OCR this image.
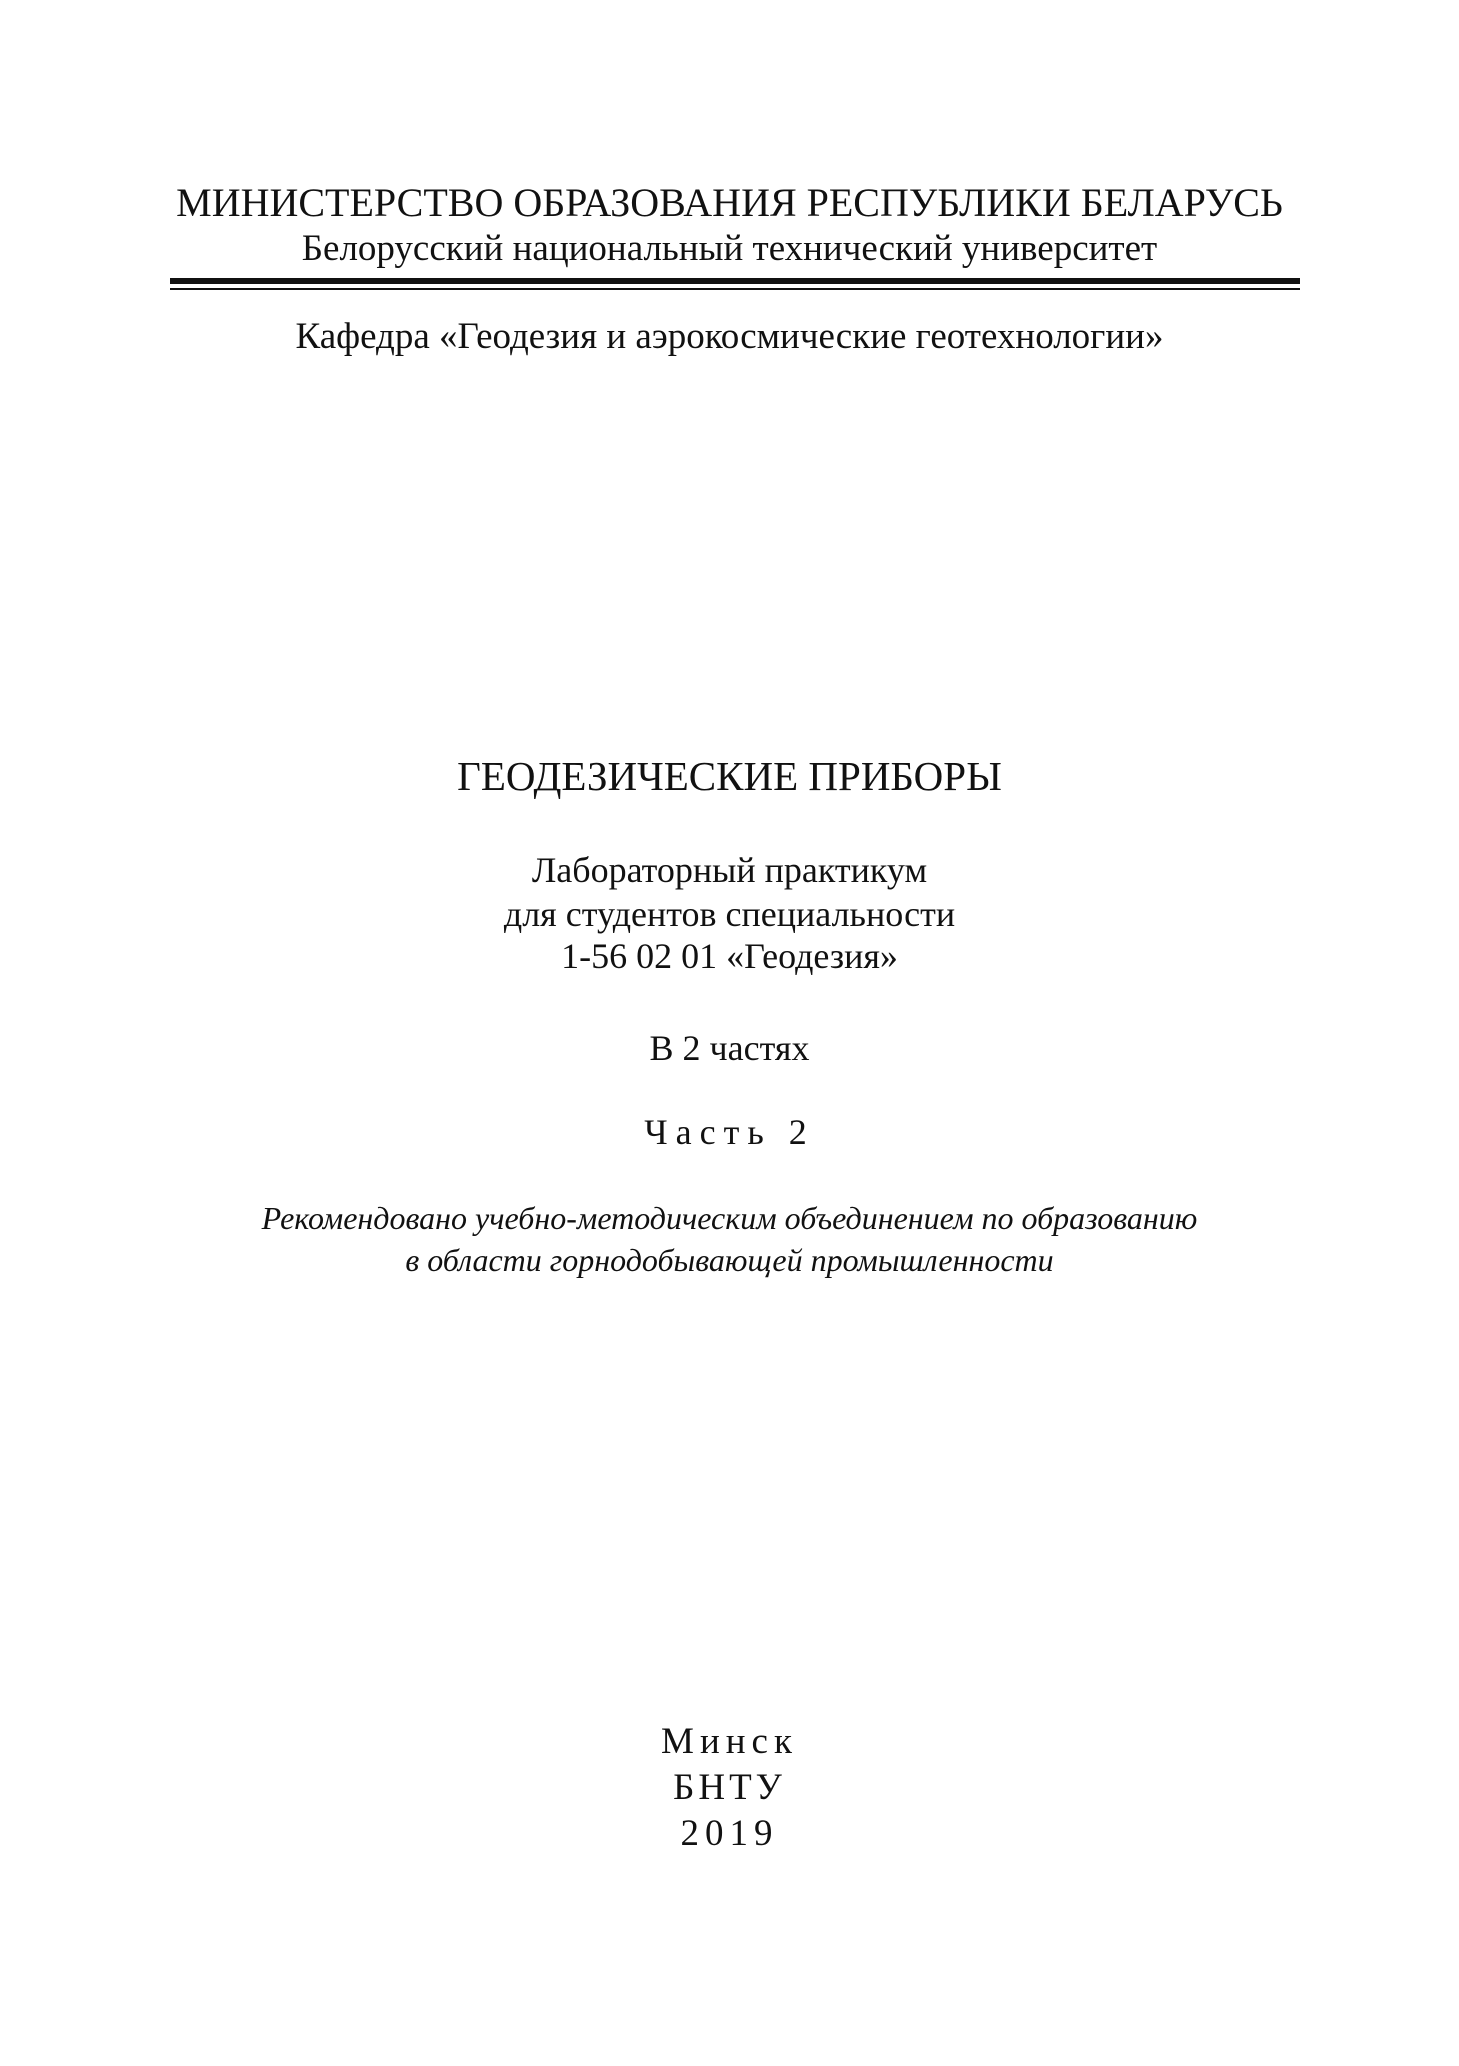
МИНИСТЕРСТВО ОБРАЗОВАНИЯ РЕСПУБЛИКИ БЕЛАРУСЬ
Белорусский национальный технический университет
Кафедра «Геодезия и аэрокосмические геотехнологии»
ГЕОДЕЗИЧЕСКИЕ ПРИБОРЫ
Лабораторный практикум
для студентов специальности
1-56 02 01 «Геодезия»
В 2 частях
Часть 2
Рекомендовано учебно-методическим объединением по образованию
в области горнодобывающей промышленности
Минск
БНТУ
2019
